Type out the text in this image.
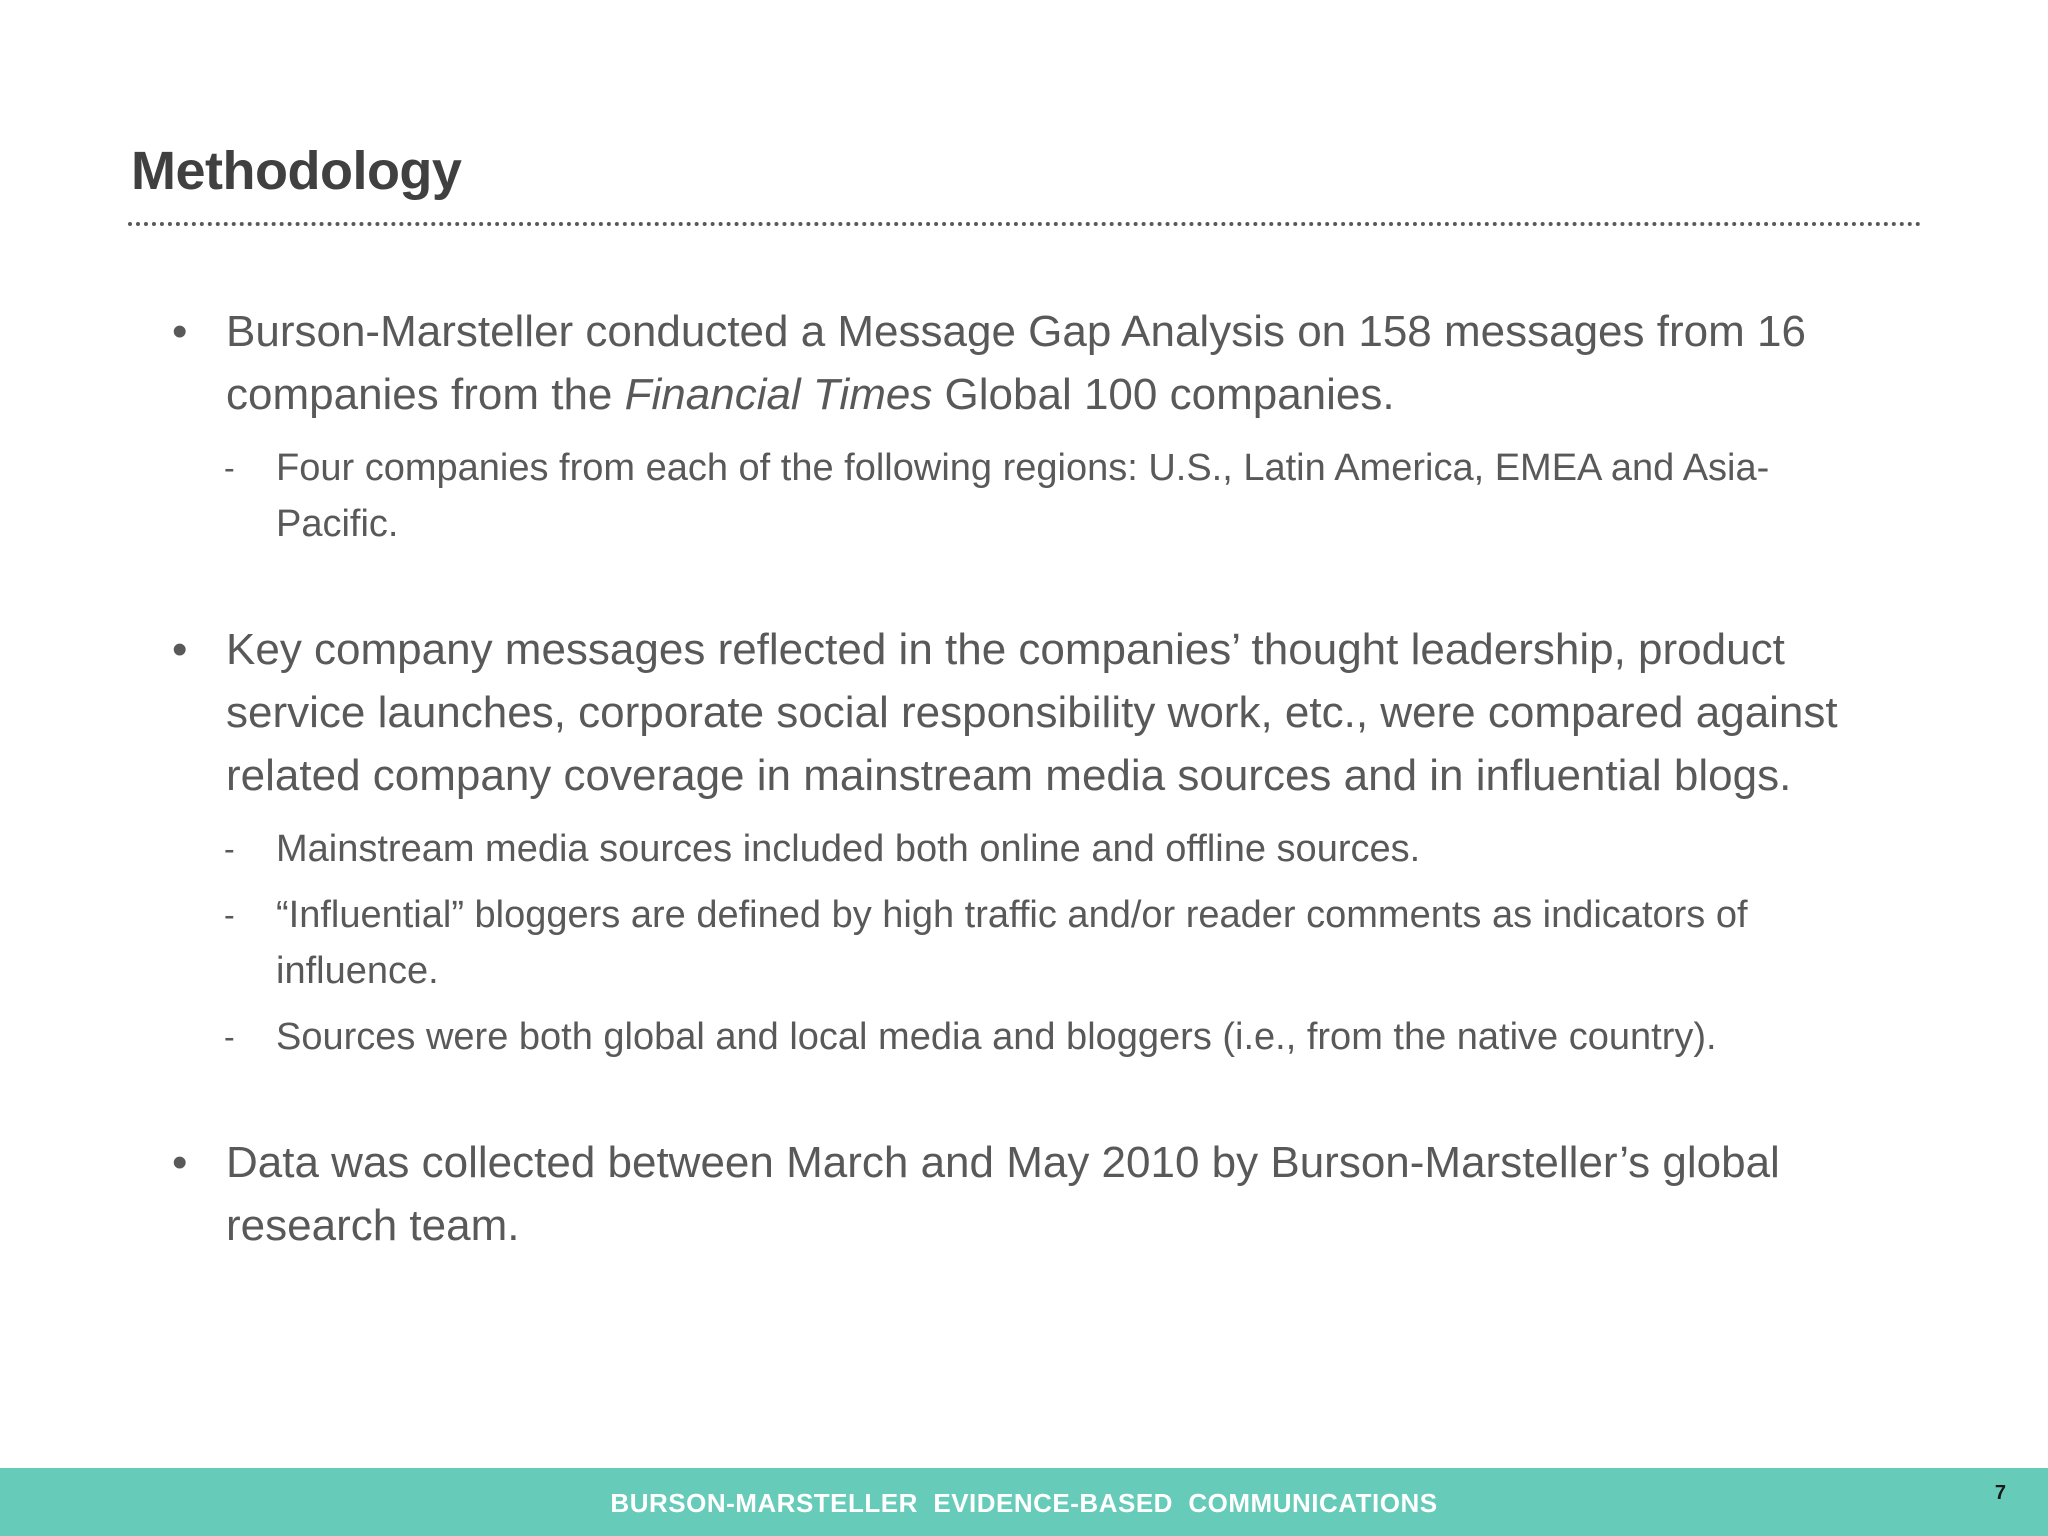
Methodology
• Burson-Marsteller conducted a Message Gap Analysis on 158 messages from 16 companies from the Financial Times Global 100 companies.
- Four companies from each of the following regions: U.S., Latin America, EMEA and Asia-Pacific.
• Key company messages reflected in the companies’ thought leadership, product service launches, corporate social responsibility work, etc., were compared against related company coverage in mainstream media sources and in influential blogs.
- Mainstream media sources included both online and offline sources.
- “Influential” bloggers are defined by high traffic and/or reader comments as indicators of influence.
- Sources were both global and local media and bloggers (i.e., from the native country).
• Data was collected between March and May 2010 by Burson-Marsteller’s global research team.
BURSON-MARSTELLER  EVIDENCE-BASED  COMMUNICATIONS	7
